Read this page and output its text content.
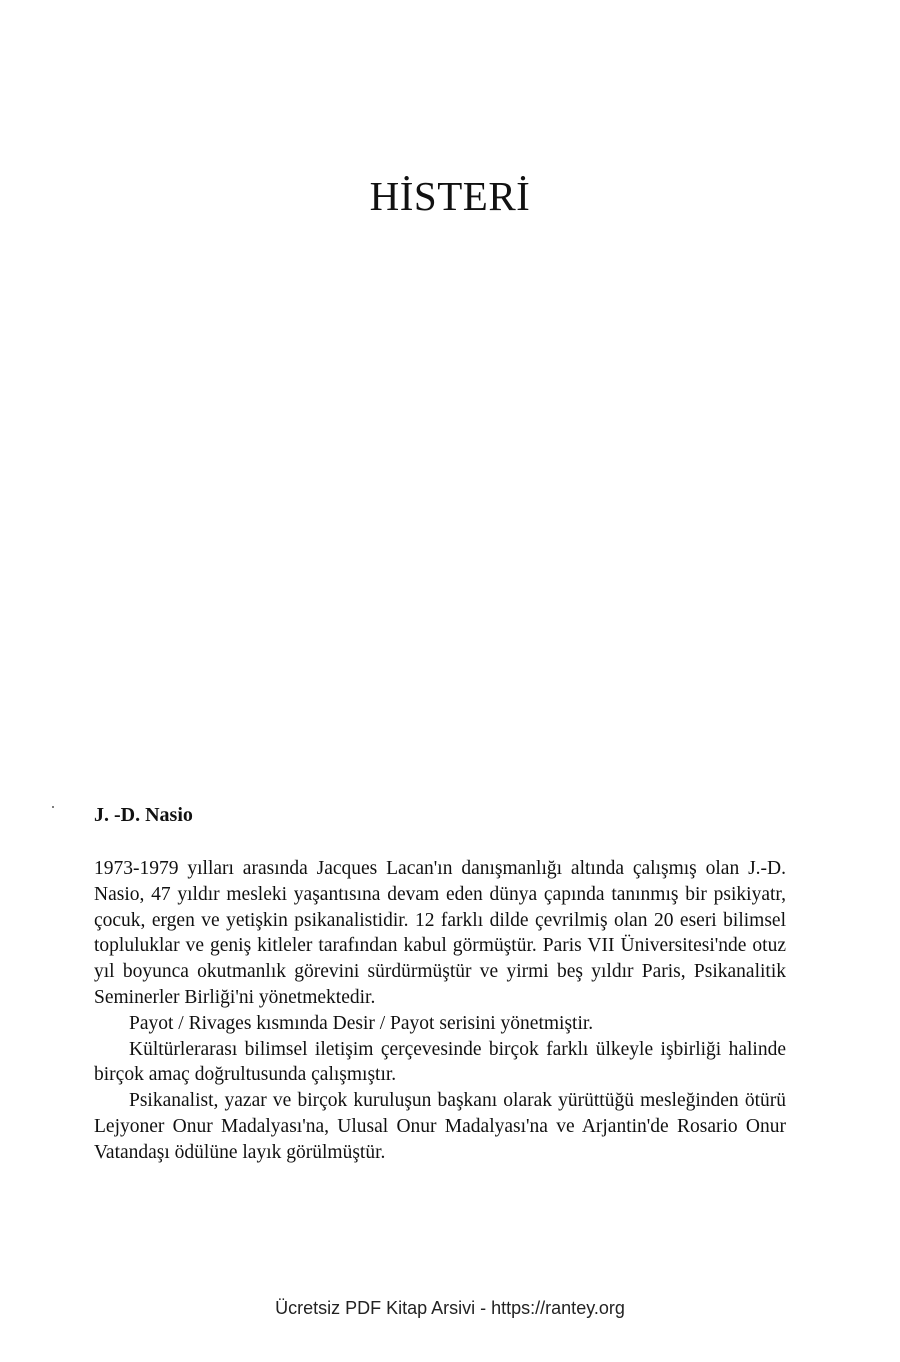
HİSTERİ
J. -D. Nasio

1973-1979 yılları arasında Jacques Lacan'ın danışmanlığı altında çalışmış olan J.-D. Nasio, 47 yıldır mesleki yaşantısına devam eden dünya çapında tanınmış bir psikiyatr, çocuk, ergen ve yetişkin psikanalistidir. 12 farklı dilde çevrilmiş olan 20 eseri bilimsel topluluklar ve geniş kitleler tarafından kabul görmüştür. Paris VII Üniversitesi'nde otuz yıl boyunca okutmanlık görevini sürdürmüştür ve yirmi beş yıldır Paris, Psikanalitik Seminerler Birliği'ni yönetmektedir.

Payot / Rivages kısmında Desir / Payot serisini yönetmiştir.

Kültürlerarası bilimsel iletişim çerçevesinde birçok farklı ülkeyle işbirliği halinde birçok amaç doğrultusunda çalışmıştır.

Psikanalist, yazar ve birçok kuruluşun başkanı olarak yürüttüğü mesleğinden ötürü Lejyoner Onur Madalyası'na, Ulusal Onur Madalyası'na ve Arjantin'de Rosario Onur Vatandaşı ödülüne layık görülmüştür.

Ücretsiz PDF Kitap Arsivi - https://rantey.org
